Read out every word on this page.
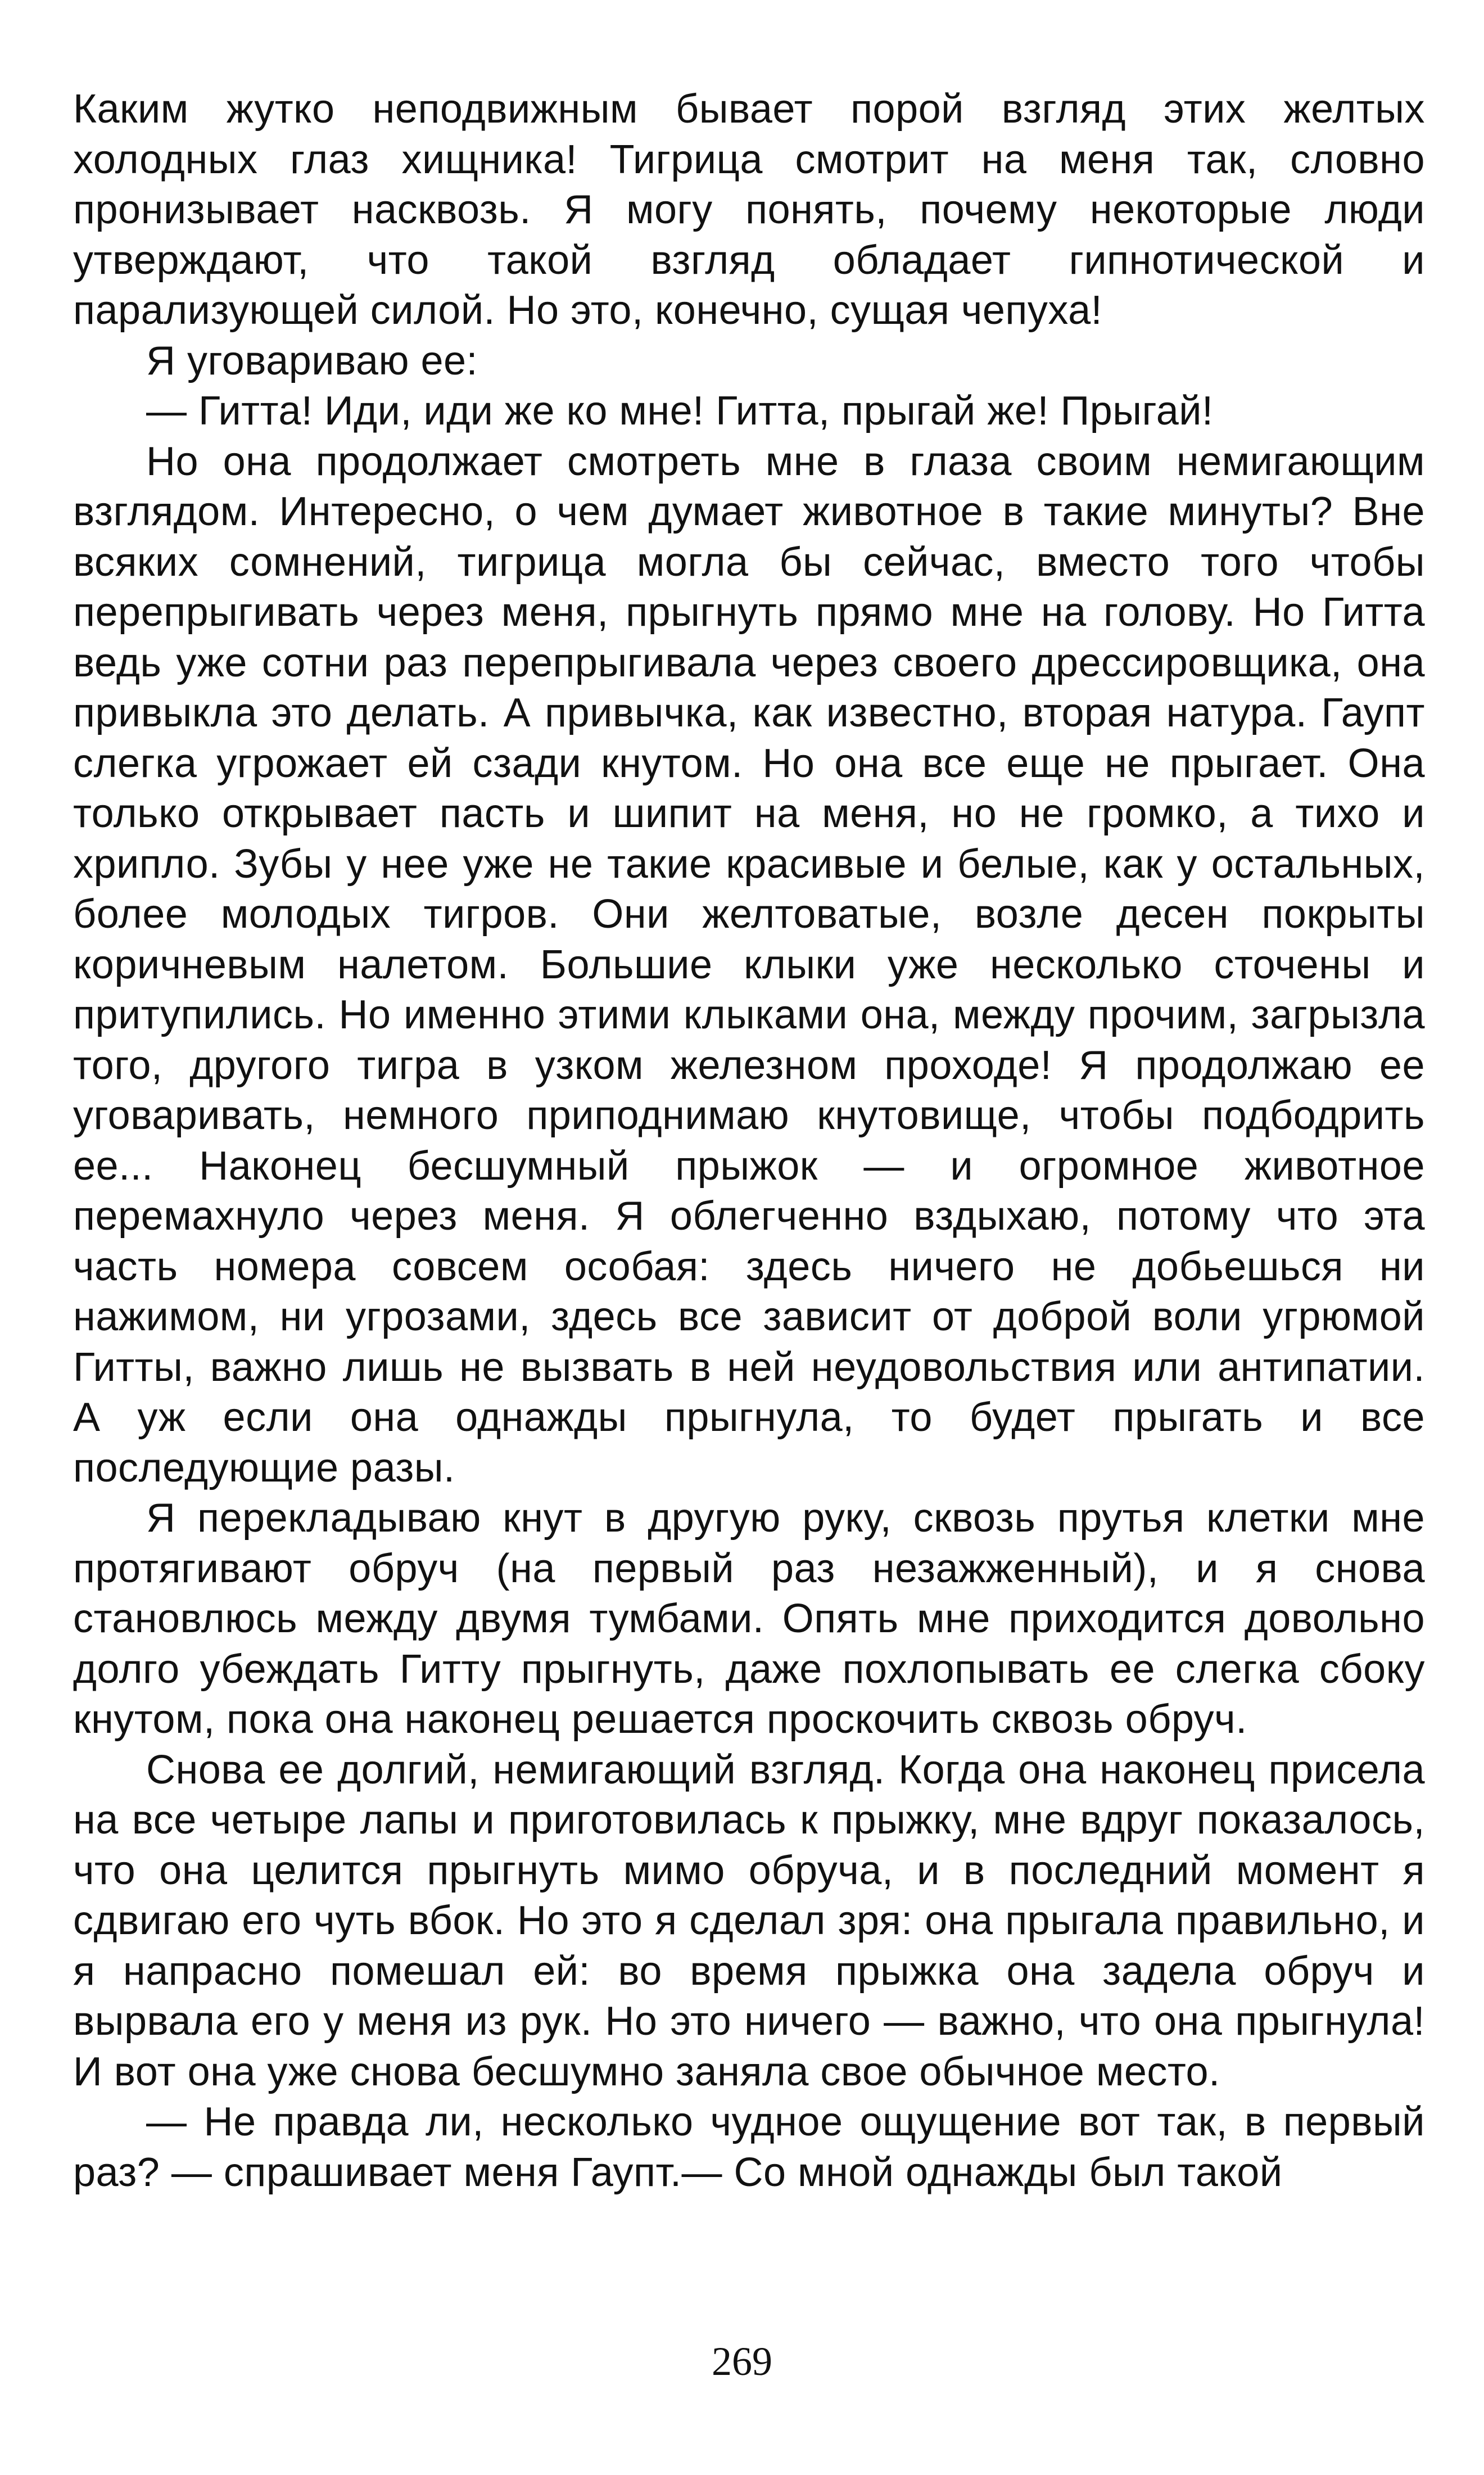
Каким жутко неподвижным бывает порой взгляд этих желтых холодных глаз хищника! Тигрица смотрит на меня так, словно пронизывает насквозь. Я могу понять, почему некоторые люди утверждают, что такой взгляд обладает гипнотической и парализующей силой. Но это, конечно, сущая чепуха!

Я уговариваю ее:

— Гитта! Иди, иди же ко мне! Гитта, прыгай же! Прыгай!

Но она продолжает смотреть мне в глаза своим немигающим взглядом. Интересно, о чем думает животное в такие минуты? Вне всяких сомнений, тигрица могла бы сейчас, вместо того чтобы перепрыгивать через меня, прыгнуть прямо мне на голову. Но Гитта ведь уже сотни раз перепрыгивала через своего дрессировщика, она привыкла это делать. А привычка, как известно, вторая натура. Гаупт слегка угрожает ей сзади кнутом. Но она все еще не прыгает. Она только открывает пасть и шипит на меня, но не громко, а тихо и хрипло. Зубы у нее уже не такие красивые и белые, как у остальных, более молодых тигров. Они желтоватые, возле десен покрыты коричневым налетом. Большие клыки уже несколько сточены и притупились. Но именно этими клыками она, между прочим, загрызла того, другого тигра в узком железном проходе! Я продолжаю ее уговаривать, немного приподнимаю кнутовище, чтобы подбодрить ее... Наконец бесшумный прыжок — и огромное животное перемахнуло через меня. Я облегченно вздыхаю, потому что эта часть номера совсем особая: здесь ничего не добьешься ни нажимом, ни угрозами, здесь все зависит от доброй воли угрюмой Гитты, важно лишь не вызвать в ней неудовольствия или антипатии. А уж если она однажды прыгнула, то будет прыгать и все последующие разы.

Я перекладываю кнут в другую руку, сквозь прутья клетки мне протягивают обруч (на первый раз незажженный), и я снова становлюсь между двумя тумбами. Опять мне приходится довольно долго убеждать Гитту прыгнуть, даже похлопывать ее слегка сбоку кнутом, пока она наконец решается проскочить сквозь обруч.

Снова ее долгий, немигающий взгляд. Когда она наконец присела на все четыре лапы и приготовилась к прыжку, мне вдруг показалось, что она целится прыгнуть мимо обруча, и в последний момент я сдвигаю его чуть вбок. Но это я сделал зря: она прыгала правильно, и я напрасно помешал ей: во время прыжка она задела обруч и вырвала его у меня из рук. Но это ничего — важно, что она прыгнула! И вот она уже снова бесшумно заняла свое обычное место.

— Не правда ли, несколько чудное ощущение вот так, в первый раз? — спрашивает меня Гаупт.— Со мной однажды был такой

269
